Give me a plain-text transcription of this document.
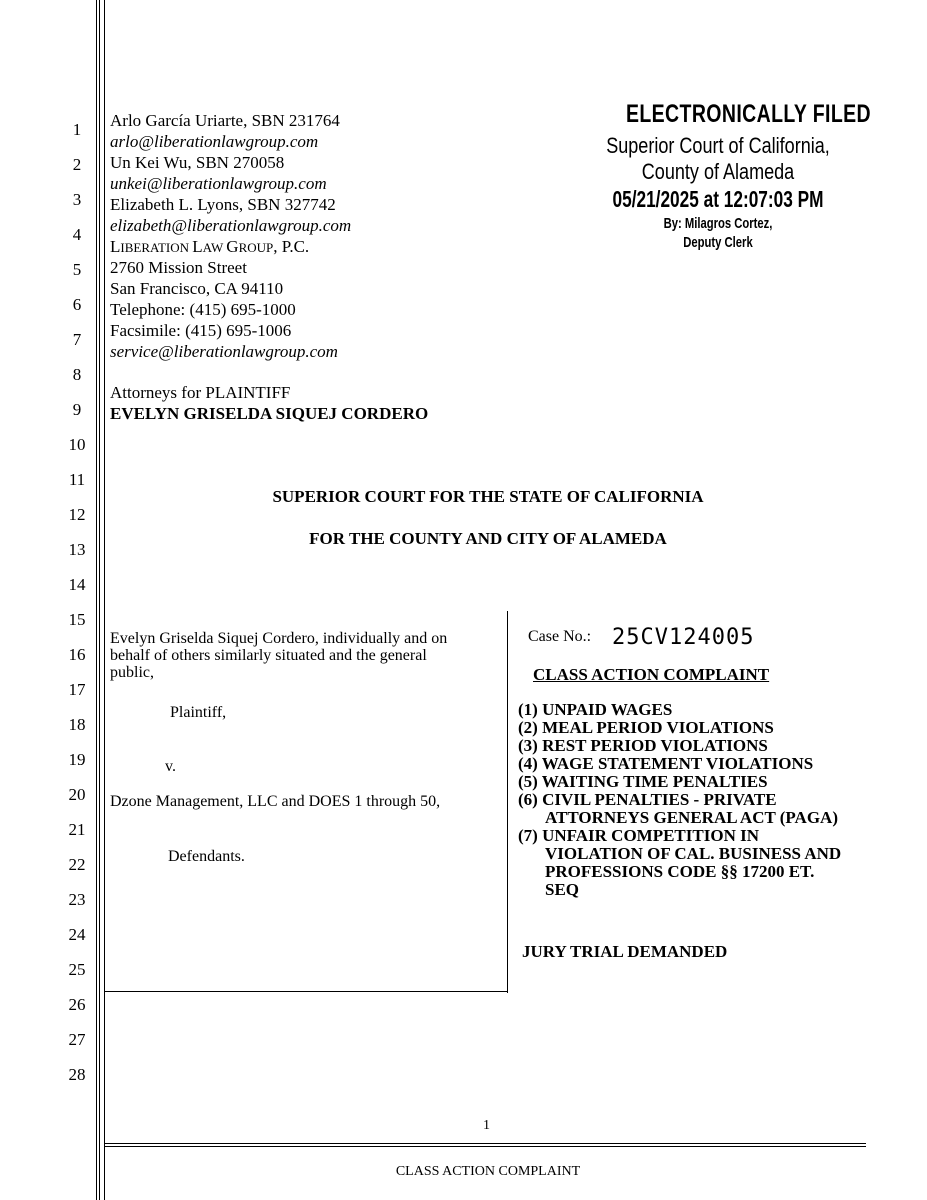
1
2
3
4
5
6
7
8
9
10
11
12
13
14
15
16
17
18
19
20
21
22
23
24
25
26
27
28
Arlo García Uriarte, SBN 231764
arlo@liberationlawgroup.com
Un Kei Wu, SBN 270058
unkei@liberationlawgroup.com
Elizabeth L. Lyons, SBN 327742
elizabeth@liberationlawgroup.com
LIBERATION LAW GROUP, P.C.
2760 Mission Street
San Francisco, CA 94110
Telephone: (415) 695-1000
Facsimile: (415) 695-1006
service@liberationlawgroup.com
Attorneys for PLAINTIFF
EVELYN GRISELDA SIQUEJ CORDERO
ELECTRONICALLY FILED
Superior Court of California,
County of Alameda
05/21/2025 at 12:07:03 PM
By: Milagros Cortez,
Deputy Clerk
SUPERIOR COURT FOR THE STATE OF CALIFORNIA
FOR THE COUNTY AND CITY OF ALAMEDA
Evelyn Griselda Siquej Cordero, individually and on
behalf of others similarly situated and the general
public,
Plaintiff,
v.
Dzone Management, LLC and DOES 1 through 50,
Defendants.
Case No.: 25CV124005
CLASS ACTION COMPLAINT
(1) UNPAID WAGES
(2) MEAL PERIOD VIOLATIONS
(3) REST PERIOD VIOLATIONS
(4) WAGE STATEMENT VIOLATIONS
(5) WAITING TIME PENALTIES
(6) CIVIL PENALTIES - PRIVATE
ATTORNEYS GENERAL ACT (PAGA)
(7) UNFAIR COMPETITION IN
VIOLATION OF CAL. BUSINESS AND
PROFESSIONS CODE §§ 17200 ET.
SEQ
JURY TRIAL DEMANDED
1
CLASS ACTION COMPLAINT
